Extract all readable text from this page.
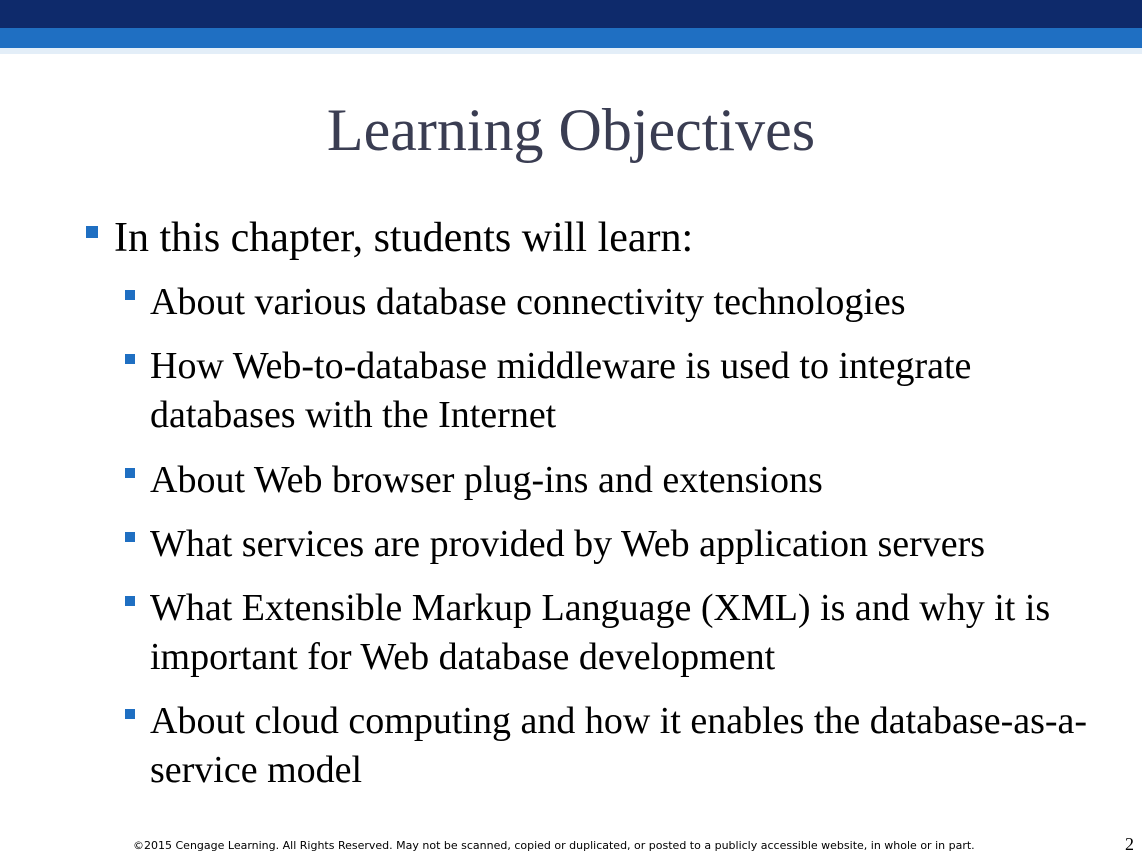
Learning Objectives
In this chapter, students will learn:
About various database connectivity technologies
How Web-to-database middleware is used to integrate databases with the Internet
About Web browser plug-ins and extensions
What services are provided by Web application servers
What Extensible Markup Language (XML) is and why it is important for Web database development
About cloud computing and how it enables the database-as-a-service model
©2015 Cengage Learning. All Rights Reserved. May not be scanned, copied or duplicated, or posted to a publicly accessible website, in whole or in part.	2
